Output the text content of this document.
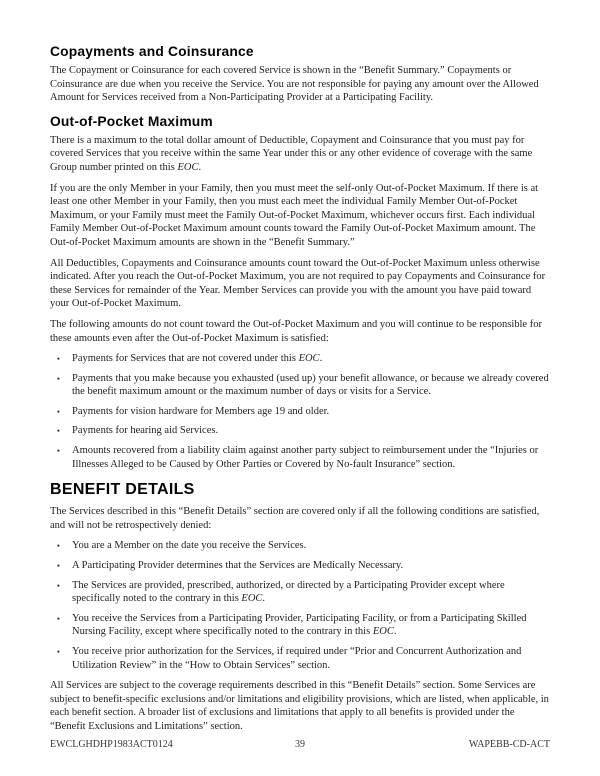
Copayments and Coinsurance

The Copayment or Coinsurance for each covered Service is shown in the “Benefit Summary.” Copayments or Coinsurance are due when you receive the Service. You are not responsible for paying any amount over the Allowed Amount for Services received from a Non-Participating Provider at a Participating Facility.

Out-of-Pocket Maximum

There is a maximum to the total dollar amount of Deductible, Copayment and Coinsurance that you must pay for covered Services that you receive within the same Year under this or any other evidence of coverage with the same Group number printed on this EOC.

If you are the only Member in your Family, then you must meet the self-only Out-of-Pocket Maximum. If there is at least one other Member in your Family, then you must each meet the individual Family Member Out-of-Pocket Maximum, or your Family must meet the Family Out-of-Pocket Maximum, whichever occurs first. Each individual Family Member Out-of-Pocket Maximum amount counts toward the Family Out-of-Pocket Maximum amount. The Out-of-Pocket Maximum amounts are shown in the “Benefit Summary.”

All Deductibles, Copayments and Coinsurance amounts count toward the Out-of-Pocket Maximum unless otherwise indicated. After you reach the Out-of-Pocket Maximum, you are not required to pay Copayments and Coinsurance for these Services for remainder of the Year. Member Services can provide you with the amount you have paid toward your Out-of-Pocket Maximum.

The following amounts do not count toward the Out-of-Pocket Maximum and you will continue to be responsible for these amounts even after the Out-of-Pocket Maximum is satisfied:

▪	Payments for Services that are not covered under this EOC.
▪	Payments that you make because you exhausted (used up) your benefit allowance, or because we already covered the benefit maximum amount or the maximum number of days or visits for a Service.
▪	Payments for vision hardware for Members age 19 and older.
▪	Payments for hearing aid Services.
▪	Amounts recovered from a liability claim against another party subject to reimbursement under the “Injuries or Illnesses Alleged to be Caused by Other Parties or Covered by No-fault Insurance” section.
BENEFIT DETAILS

The Services described in this “Benefit Details” section are covered only if all the following conditions are satisfied, and will not be retrospectively denied:

▪	You are a Member on the date you receive the Services.
▪	A Participating Provider determines that the Services are Medically Necessary.
▪	The Services are provided, prescribed, authorized, or directed by a Participating Provider except where specifically noted to the contrary in this EOC.
▪	You receive the Services from a Participating Provider, Participating Facility, or from a Participating Skilled Nursing Facility, except where specifically noted to the contrary in this EOC.
▪	You receive prior authorization for the Services, if required under “Prior and Concurrent Authorization and Utilization Review” in the “How to Obtain Services” section.

All Services are subject to the coverage requirements described in this “Benefit Details” section. Some Services are subject to benefit-specific exclusions and/or limitations and eligibility provisions, which are listed, when applicable, in each benefit section. A broader list of exclusions and limitations that apply to all benefits is provided under the “Benefit Exclusions and Limitations” section.

EWCLGHDHP1983ACT0124	39	WAPEBB-CD-ACT
